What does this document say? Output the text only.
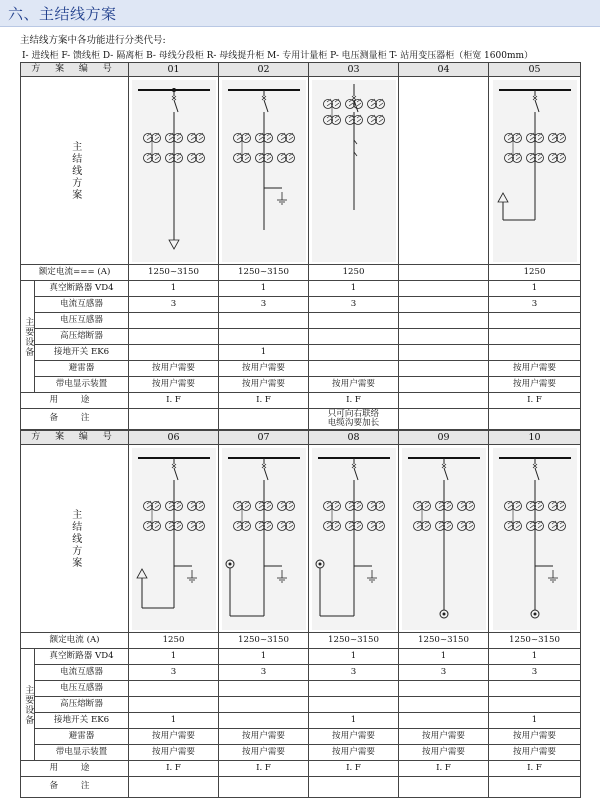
六、主结线方案
主结线方案中各功能进行分类代号:
I- 进线柜 F- 馈线柜 D- 隔离柜 B- 母线分段柜 R- 母线提升柜 M- 专用计量柜 P- 电压测量柜 T- 站用变压器柜（柜宽 1600mm）
方 案 编 号		01	02	03	04	05

主结线方案

额定电流=== (A)		1250~3150	1250~3150	1250		1250

主要设备	真空断路器 VD4	1	1	1		1
	电流互感器	3	3	3		3
	电压互感器					
	高压熔断器					
	接地开关 EK6		1			
	避雷器	按用户需要	按用户需要			按用户需要
	带电显示装置	按用户需要	按用户需要	按用户需要		按用户需要
用 途		I. F	I. F	I. F		I. F
备 注				只可向右联络
电缆沟要加长		
方 案 编 号		06	07	08	09	10

主结线方案

额定电流 (A)		1250	1250~3150	1250~3150	1250~3150	1250~3150

主要设备	真空断路器 VD4	1	1	1	1	1
	电流互感器	3	3	3	3	3
	电压互感器					
	高压熔断器					
	接地开关 EK6	1		1		1
	避雷器	按用户需要	按用户需要	按用户需要	按用户需要	按用户需要
	带电显示装置	按用户需要	按用户需要	按用户需要	按用户需要	按用户需要
用 途		I. F	I. F	I. F	I. F	I. F
备 注						
